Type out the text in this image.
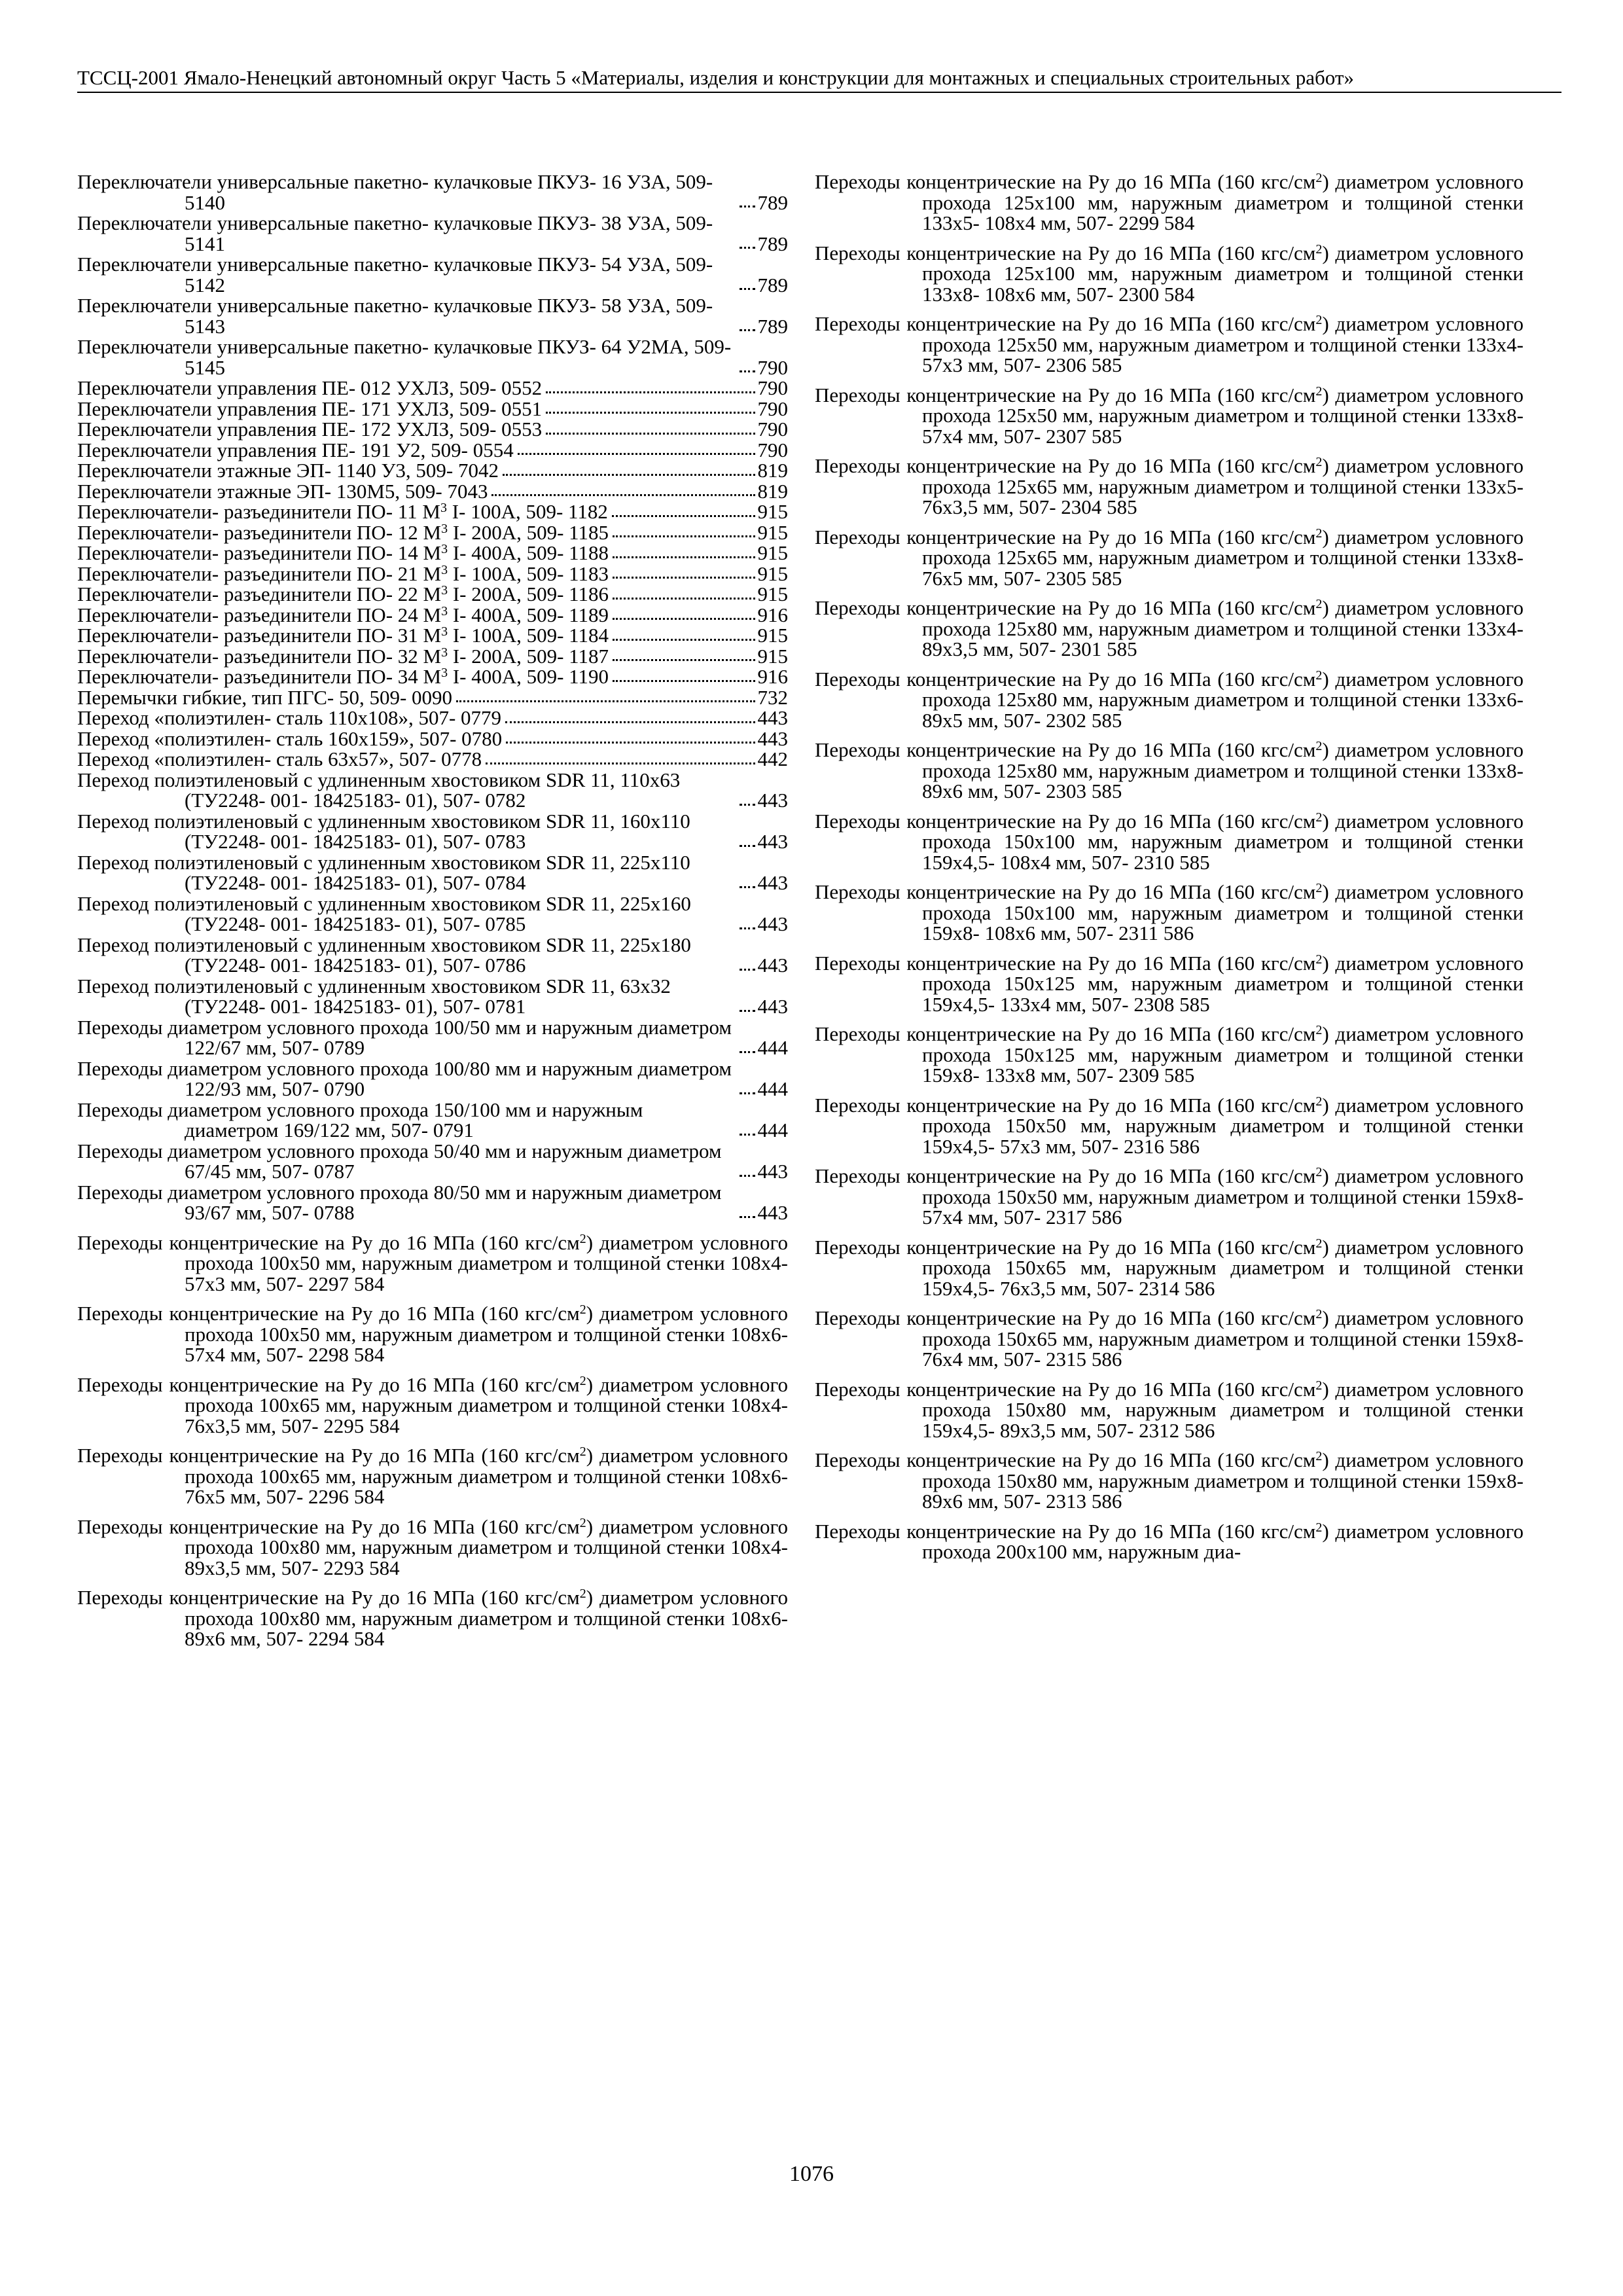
ТССЦ-2001 Ямало-Ненецкий автономный округ Часть 5 «Материалы, изделия и конструкции для монтажных и специальных строительных работ»
Переключатели универсальные пакетно- кулачковые ПКУЗ- 16 УЗА, 509- 5140	789
Переключатели универсальные пакетно- кулачковые ПКУЗ- 38 УЗА, 509- 5141	789
Переключатели универсальные пакетно- кулачковые ПКУЗ- 54 УЗА, 509- 5142	789
Переключатели универсальные пакетно- кулачковые ПКУЗ- 58 УЗА, 509- 5143	789
Переключатели универсальные пакетно- кулачковые ПКУЗ- 64 У2МА, 509- 5145	790
Переключатели управления ПЕ- 012 УХЛЗ, 509- 0552	790
Переключатели управления ПЕ- 171 УХЛЗ, 509- 0551	790
Переключатели управления ПЕ- 172 УХЛЗ, 509- 0553	790
Переключатели управления ПЕ- 191 У2, 509- 0554	790
Переключатели этажные ЭП- 1140 У3, 509- 7042	819
Переключатели этажные ЭП- 130М5, 509- 7043	819
Переключатели- разъединители ПО- 11 $М^3$ I- 100А, 509- 1182	915
Переключатели- разъединители ПО- 12 $М^3$ I- 200А, 509- 1185	915
Переключатели- разъединители ПО- 14 $М^3$ I- 400А, 509- 1188	915
Переключатели- разъединители ПО- 21 $М^3$ I- 100А, 509- 1183	915
Переключатели- разъединители ПО- 22 $М^3$ I- 200А, 509- 1186	915
Переключатели- разъединители ПО- 24 $М^3$ I- 400А, 509- 1189	916
Переключатели- разъединители ПО- 31 $М^3$ I- 100А, 509- 1184	915
Переключатели- разъединители ПО- 32 $М^3$ I- 200А, 509- 1187	915
Переключатели- разъединители ПО- 34 $М^3$ I- 400А, 509- 1190	916
Перемычки гибкие, тип ПГС- 50, 509- 0090	732
Переход «полиэтилен- сталь 110х108», 507- 0779	443
Переход «полиэтилен- сталь 160х159», 507- 0780	443
Переход «полиэтилен- сталь 63х57», 507- 0778	442
Переход полиэтиленовый с удлиненным хвостовиком SDR 11, 110х63 (ТУ2248- 001- 18425183- 01), 507- 0782	443
Переход полиэтиленовый с удлиненным хвостовиком SDR 11, 160х110 (ТУ2248- 001- 18425183- 01), 507- 0783	443
Переход полиэтиленовый с удлиненным хвостовиком SDR 11, 225х110 (ТУ2248- 001- 18425183- 01), 507- 0784	443
Переход полиэтиленовый с удлиненным хвостовиком SDR 11, 225х160 (ТУ2248- 001- 18425183- 01), 507- 0785	443
Переход полиэтиленовый с удлиненным хвостовиком SDR 11, 225х180 (ТУ2248- 001- 18425183- 01), 507- 0786	443
Переход полиэтиленовый с удлиненным хвостовиком SDR 11, 63х32 (ТУ2248- 001- 18425183- 01), 507- 0781	443
Переходы диаметром условного прохода 100/50 мм и наружным диаметром 122/67 мм, 507- 0789	444
Переходы диаметром условного прохода 100/80 мм и наружным диаметром 122/93 мм, 507- 0790	444
Переходы диаметром условного прохода 150/100 мм и наружным диаметром 169/122 мм, 507- 0791	444
Переходы диаметром условного прохода 50/40 мм и наружным диаметром 67/45 мм, 507- 0787	443
Переходы диаметром условного прохода 80/50 мм и наружным диаметром 93/67 мм, 507- 0788	443
Переходы концентрические на Ру до 16 МПа (160 кгс/$см^2$) диаметром условного прохода 100х50 мм, наружным диаметром и толщиной стенки 108х4- 57х3 мм, 507- 2297 584
Переходы концентрические на Ру до 16 МПа (160 кгс/$см^2$) диаметром условного прохода 100х50 мм, наружным диаметром и толщиной стенки 108х6- 57х4 мм, 507- 2298 584
Переходы концентрические на Ру до 16 МПа (160 кгс/$см^2$) диаметром условного прохода 100х65 мм, наружным диаметром и толщиной стенки 108х4- 76х3,5 мм, 507- 2295 584
Переходы концентрические на Ру до 16 МПа (160 кгс/$см^2$) диаметром условного прохода 100х65 мм, наружным диаметром и толщиной стенки 108х6- 76х5 мм, 507- 2296 584
Переходы концентрические на Ру до 16 МПа (160 кгс/$см^2$) диаметром условного прохода 100х80 мм, наружным диаметром и толщиной стенки 108х4- 89х3,5 мм, 507- 2293 584
Переходы концентрические на Ру до 16 МПа (160 кгс/$см^2$) диаметром условного прохода 100х80 мм, наружным диаметром и толщиной стенки 108х6- 89х6 мм, 507- 2294 584
Переходы концентрические на Ру до 16 МПа (160 кгс/$см^2$) диаметром условного прохода 125х100 мм, наружным диаметром и толщиной стенки 133х5- 108х4 мм, 507- 2299 584
Переходы концентрические на Ру до 16 МПа (160 кгс/$см^2$) диаметром условного прохода 125х100 мм, наружным диаметром и толщиной стенки 133х8- 108х6 мм, 507- 2300 584
Переходы концентрические на Ру до 16 МПа (160 кгс/$см^2$) диаметром условного прохода 125х50 мм, наружным диаметром и толщиной стенки 133х4- 57х3 мм, 507- 2306 585
Переходы концентрические на Ру до 16 МПа (160 кгс/$см^2$) диаметром условного прохода 125х50 мм, наружным диаметром и толщиной стенки 133х8- 57х4 мм, 507- 2307 585
Переходы концентрические на Ру до 16 МПа (160 кгс/$см^2$) диаметром условного прохода 125х65 мм, наружным диаметром и толщиной стенки 133х5- 76х3,5 мм, 507- 2304 585
Переходы концентрические на Ру до 16 МПа (160 кгс/$см^2$) диаметром условного прохода 125х65 мм, наружным диаметром и толщиной стенки 133х8- 76х5 мм, 507- 2305 585
Переходы концентрические на Ру до 16 МПа (160 кгс/$см^2$) диаметром условного прохода 125х80 мм, наружным диаметром и толщиной стенки 133х4- 89х3,5 мм, 507- 2301 585
Переходы концентрические на Ру до 16 МПа (160 кгс/$см^2$) диаметром условного прохода 125х80 мм, наружным диаметром и толщиной стенки 133х6- 89х5 мм, 507- 2302 585
Переходы концентрические на Ру до 16 МПа (160 кгс/$см^2$) диаметром условного прохода 125х80 мм, наружным диаметром и толщиной стенки 133х8- 89х6 мм, 507- 2303 585
Переходы концентрические на Ру до 16 МПа (160 кгс/$см^2$) диаметром условного прохода 150х100 мм, наружным диаметром и толщиной стенки 159х4,5- 108х4 мм, 507- 2310 585
Переходы концентрические на Ру до 16 МПа (160 кгс/$см^2$) диаметром условного прохода 150х100 мм, наружным диаметром и толщиной стенки 159х8- 108х6 мм, 507- 2311 586
Переходы концентрические на Ру до 16 МПа (160 кгс/$см^2$) диаметром условного прохода 150х125 мм, наружным диаметром и толщиной стенки 159х4,5- 133х4 мм, 507- 2308 585
Переходы концентрические на Ру до 16 МПа (160 кгс/$см^2$) диаметром условного прохода 150х125 мм, наружным диаметром и толщиной стенки 159х8- 133х8 мм, 507- 2309 585
Переходы концентрические на Ру до 16 МПа (160 кгс/$см^2$) диаметром условного прохода 150х50 мм, наружным диаметром и толщиной стенки 159х4,5- 57х3 мм, 507- 2316 586
Переходы концентрические на Ру до 16 МПа (160 кгс/$см^2$) диаметром условного прохода 150х50 мм, наружным диаметром и толщиной стенки 159х8- 57х4 мм, 507- 2317 586
Переходы концентрические на Ру до 16 МПа (160 кгс/$см^2$) диаметром условного прохода 150х65 мм, наружным диаметром и толщиной стенки 159х4,5- 76х3,5 мм, 507- 2314 586
Переходы концентрические на Ру до 16 МПа (160 кгс/$см^2$) диаметром условного прохода 150х65 мм, наружным диаметром и толщиной стенки 159х8- 76х4 мм, 507- 2315 586
Переходы концентрические на Ру до 16 МПа (160 кгс/$см^2$) диаметром условного прохода 150х80 мм, наружным диаметром и толщиной стенки 159х4,5- 89х3,5 мм, 507- 2312 586
Переходы концентрические на Ру до 16 МПа (160 кгс/$см^2$) диаметром условного прохода 150х80 мм, наружным диаметром и толщиной стенки 159х8- 89х6 мм, 507- 2313 586
Переходы концентрические на Ру до 16 МПа (160 кгс/$см^2$) диаметром условного прохода 200х100 мм, наружным диа-
1076
